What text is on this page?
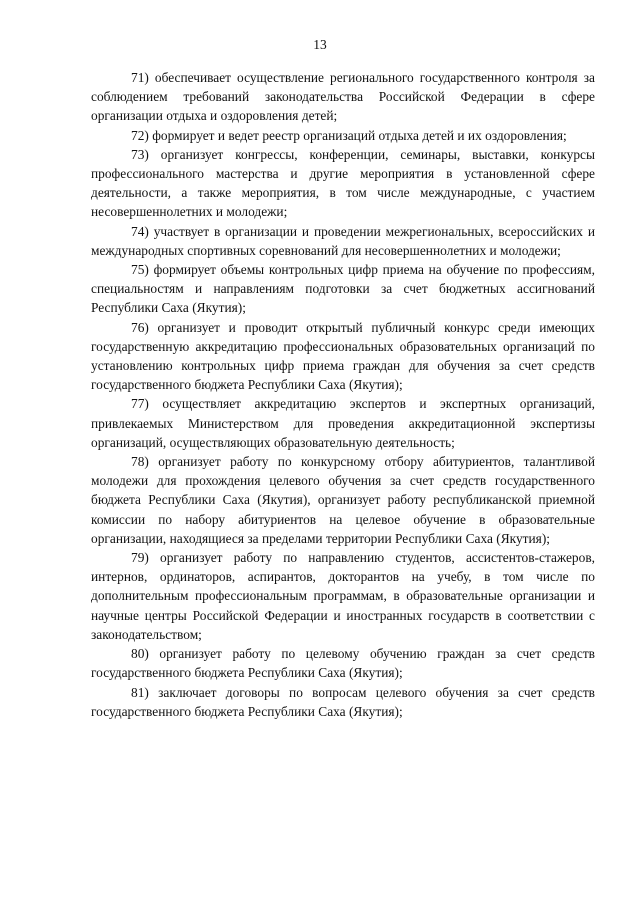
13

71) обеспечивает осуществление регионального государственного контроля за соблюдением требований законодательства Российской Федерации в сфере организации отдыха и оздоровления детей;

72) формирует и ведет реестр организаций отдыха детей и их оздоровления;

73) организует конгрессы, конференции, семинары, выставки, конкурсы профессионального мастерства и другие мероприятия в установленной сфере деятельности, а также мероприятия, в том числе международные, с участием несовершеннолетних и молодежи;

74) участвует в организации и проведении межрегиональных, всероссийских и международных спортивных соревнований для несовершеннолетних и молодежи;

75) формирует объемы контрольных цифр приема на обучение по профессиям, специальностям и направлениям подготовки за счет бюджетных ассигнований Республики Саха (Якутия);

76) организует и проводит открытый публичный конкурс среди имеющих государственную аккредитацию профессиональных образовательных организаций по установлению контрольных цифр приема граждан для обучения за счет средств государственного бюджета Республики Саха (Якутия);

77) осуществляет аккредитацию экспертов и экспертных организаций, привлекаемых Министерством для проведения аккредитационной экспертизы организаций, осуществляющих образовательную деятельность;

78) организует работу по конкурсному отбору абитуриентов, талантливой молодежи для прохождения целевого обучения за счет средств государственного бюджета Республики Саха (Якутия), организует работу республиканской приемной комиссии по набору абитуриентов на целевое обучение в образовательные организации, находящиеся за пределами территории Республики Саха (Якутия);

79) организует работу по направлению студентов, ассистентов-стажеров, интернов, ординаторов, аспирантов, докторантов на учебу, в том числе по дополнительным профессиональным программам, в образовательные организации и научные центры Российской Федерации и иностранных государств в соответствии с законодательством;

80) организует работу по целевому обучению граждан за счет средств государственного бюджета Республики Саха (Якутия);

81) заключает договоры по вопросам целевого обучения за счет средств государственного бюджета Республики Саха (Якутия);
